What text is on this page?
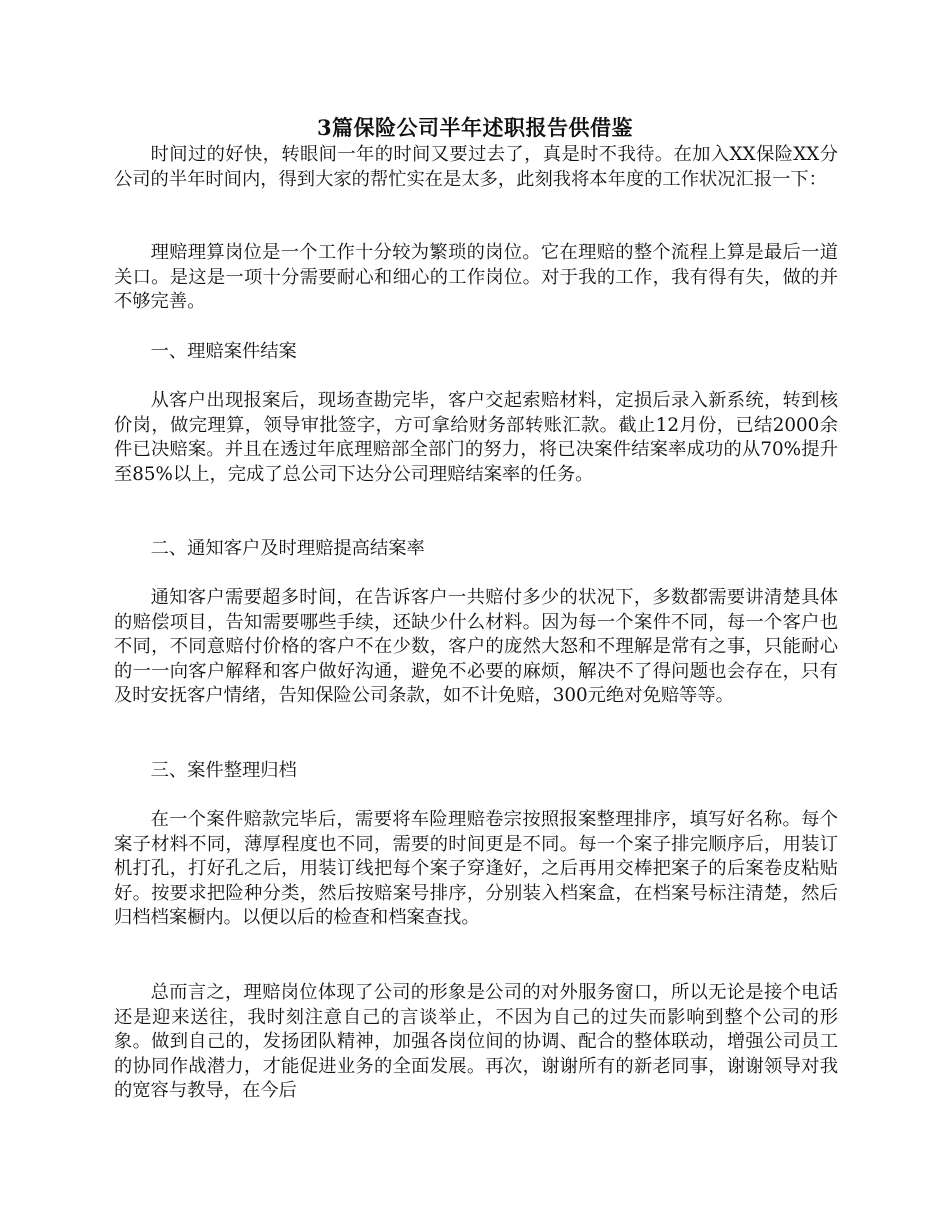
3篇保险公司半年述职报告供借鉴

时间过的好快，转眼间一年的时间又要过去了，真是时不我待。在加入XX保险XX分公司的半年时间内，得到大家的帮忙实在是太多，此刻我将本年度的工作状况汇报一下：

理赔理算岗位是一个工作十分较为繁琐的岗位。它在理赔的整个流程上算是最后一道关口。是这是一项十分需要耐心和细心的工作岗位。对于我的工作，我有得有失，做的并不够完善。

一、理赔案件结案

从客户出现报案后，现场查勘完毕，客户交起索赔材料，定损后录入新系统，转到核价岗，做完理算，领导审批签字，方可拿给财务部转账汇款。截止12月份，已结2000余件已决赔案。并且在透过年底理赔部全部门的努力，将已决案件结案率成功的从70%提升至85%以上，完成了总公司下达分公司理赔结案率的任务。

二、通知客户及时理赔提高结案率

通知客户需要超多时间，在告诉客户一共赔付多少的状况下，多数都需要讲清楚具体的赔偿项目，告知需要哪些手续，还缺少什么材料。因为每一个案件不同，每一个客户也不同，不同意赔付价格的客户不在少数，客户的庞然大怒和不理解是常有之事，只能耐心的一一向客户解释和客户做好沟通，避免不必要的麻烦，解决不了得问题也会存在，只有及时安抚客户情绪，告知保险公司条款，如不计免赔，300元绝对免赔等等。

三、案件整理归档

在一个案件赔款完毕后，需要将车险理赔卷宗按照报案整理排序，填写好名称。每个案子材料不同，薄厚程度也不同，需要的时间更是不同。每一个案子排完顺序后，用装订机打孔，打好孔之后，用装订线把每个案子穿逢好，之后再用交棒把案子的后案卷皮粘贴好。按要求把险种分类，然后按赔案号排序，分别装入档案盒，在档案号标注清楚，然后归档档案橱内。以便以后的检查和档案查找。

总而言之，理赔岗位体现了公司的形象是公司的对外服务窗口，所以无论是接个电话还是迎来送往，我时刻注意自己的言谈举止，不因为自己的过失而影响到整个公司的形象。做到自己的，发扬团队精神，加强各岗位间的协调、配合的整体联动，增强公司员工的协同作战潜力，才能促进业务的全面发展。再次，谢谢所有的新老同事，谢谢领导对我的宽容与教导，在今后
